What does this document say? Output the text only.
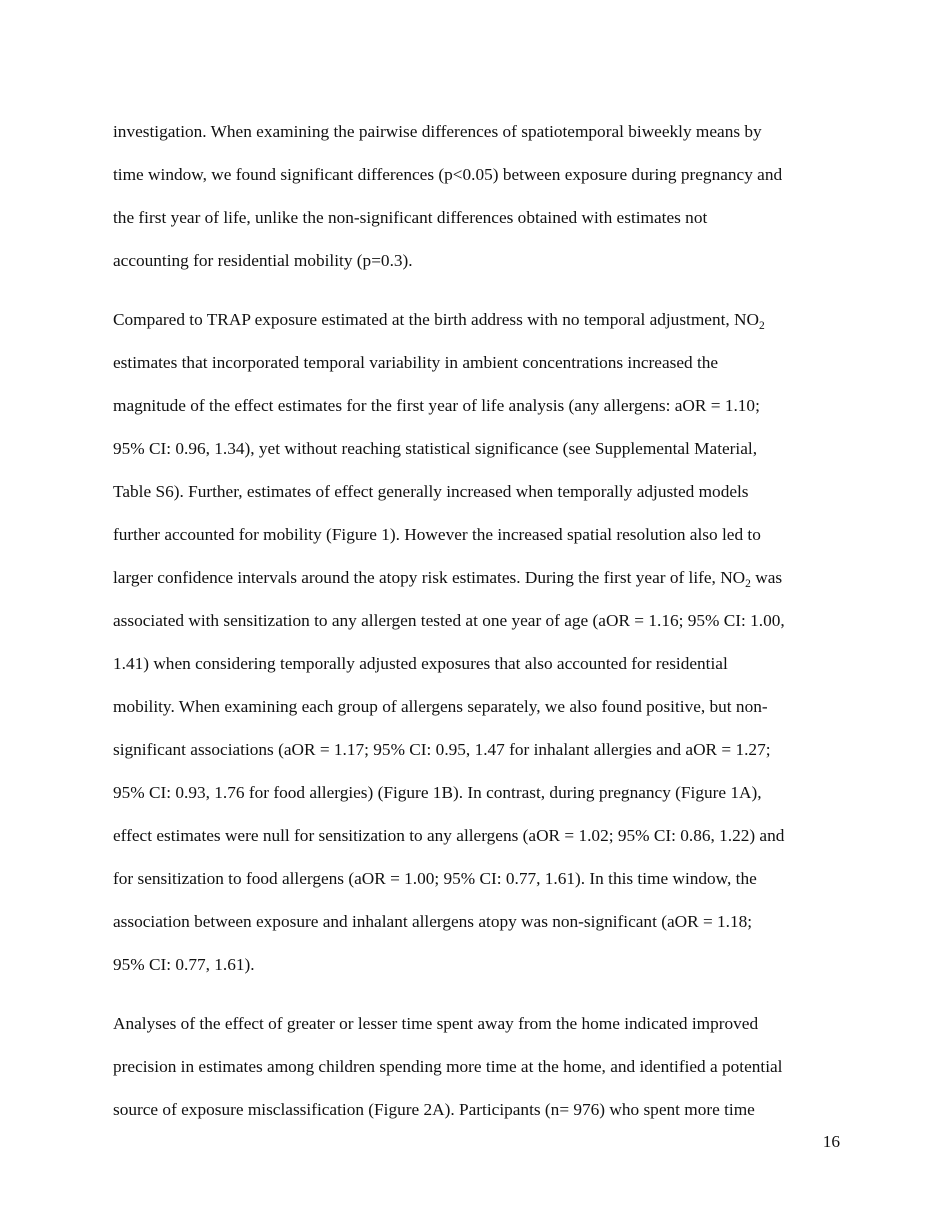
investigation. When examining the pairwise differences of spatiotemporal biweekly means by
time window, we found significant differences (p<0.05) between exposure during pregnancy and
the first year of life, unlike the non-significant differences obtained with estimates not
accounting for residential mobility (p=0.3).

Compared to TRAP exposure estimated at the birth address with no temporal adjustment, $NO_2$
estimates that incorporated temporal variability in ambient concentrations increased the
magnitude of the effect estimates for the first year of life analysis (any allergens: aOR = 1.10;
95% CI: 0.96, 1.34), yet without reaching statistical significance (see Supplemental Material,
Table S6). Further, estimates of effect generally increased when temporally adjusted models
further accounted for mobility (Figure 1). However the increased spatial resolution also led to
larger confidence intervals around the atopy risk estimates. During the first year of life, $NO_2$ was
associated with sensitization to any allergen tested at one year of age (aOR = 1.16; 95% CI: 1.00,
1.41) when considering temporally adjusted exposures that also accounted for residential
mobility. When examining each group of allergens separately, we also found positive, but non-
significant associations (aOR = 1.17; 95% CI: 0.95, 1.47 for inhalant allergies and aOR = 1.27;
95% CI: 0.93, 1.76 for food allergies) (Figure 1B). In contrast, during pregnancy (Figure 1A),
effect estimates were null for sensitization to any allergens (aOR = 1.02; 95% CI: 0.86, 1.22) and
for sensitization to food allergens (aOR = 1.00; 95% CI: 0.77, 1.61). In this time window, the
association between exposure and inhalant allergens atopy was non-significant (aOR = 1.18;
95% CI: 0.77, 1.61).

Analyses of the effect of greater or lesser time spent away from the home indicated improved
precision in estimates among children spending more time at the home, and identified a potential
source of exposure misclassification (Figure 2A). Participants (n= 976) who spent more time

16
